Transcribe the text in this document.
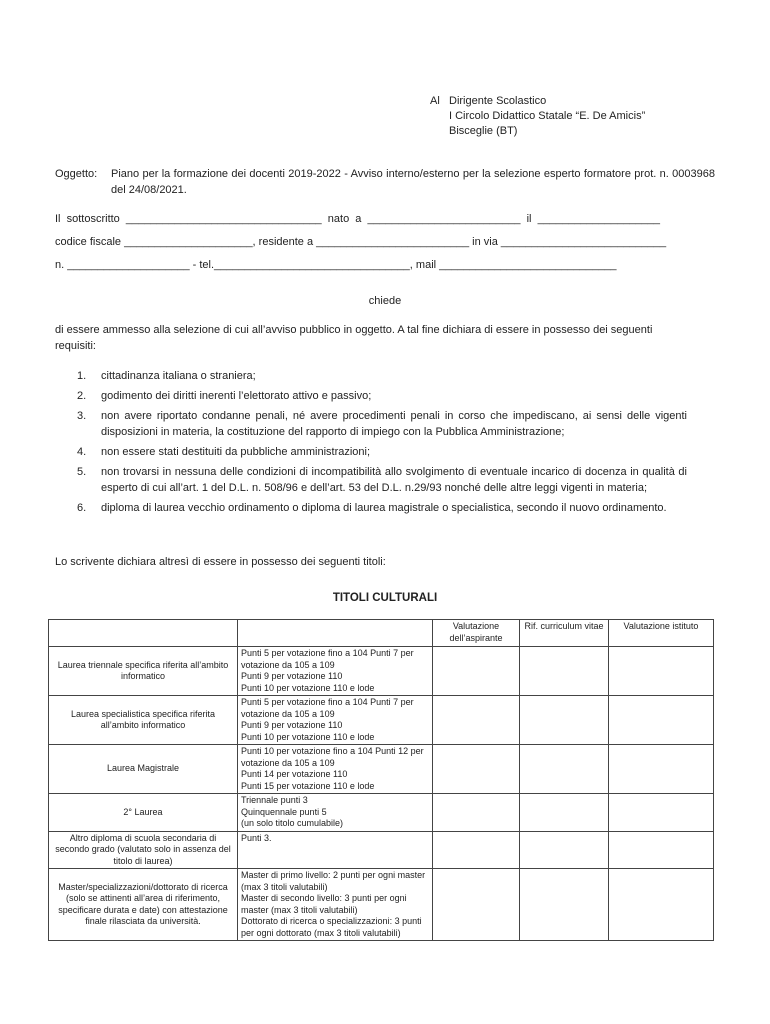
Al Dirigente Scolastico
I Circolo Didattico Statale “E. De Amicis”
Bisceglie (BT)
Oggetto: Piano per la formazione dei docenti 2019-2022 - Avviso interno/esterno per la selezione esperto formatore prot. n. 0003968 del 24/08/2021.
Il  sottoscritto  ________________________________  nato  a  _________________________  il  ____________________
codice fiscale _____________________, residente a _________________________ in via ___________________________
n. ____________________ - tel.________________________________, mail _____________________________
chiede
di essere ammesso alla selezione di cui all’avviso pubblico in oggetto. A tal fine dichiara di essere in possesso dei seguenti requisiti:
1. cittadinanza italiana o straniera;
2. godimento dei diritti inerenti l’elettorato attivo e passivo;
3. non avere riportato condanne penali, né avere procedimenti penali in corso che impediscano, ai sensi delle vigenti disposizioni in materia, la costituzione del rapporto di impiego con la Pubblica Amministrazione;
4. non essere stati destituiti da pubbliche amministrazioni;
5. non trovarsi in nessuna delle condizioni di incompatibilità allo svolgimento di eventuale incarico di docenza in qualità di esperto di cui all’art. 1 del D.L. n. 508/96 e dell’art. 53 del D.L. n.29/93 nonché delle altre leggi vigenti in materia;
6. diploma di laurea vecchio ordinamento o diploma di laurea magistrale o specialistica, secondo il nuovo ordinamento.
Lo scrivente dichiara altresì di essere in possesso dei seguenti titoli:
TITOLI CULTURALI
		Valutazione dell’aspirante	Rif. curriculum vitae	Valutazione istituto
Laurea triennale specifica riferita all’ambito informatico	Punti 5 per votazione fino a 104 Punti 7 per votazione da 105 a 109
Punti 9 per votazione 110
Punti 10 per votazione 110 e lode			

Laurea specialistica specifica riferita all’ambito informatico	Punti 5 per votazione fino a 104 Punti 7 per votazione da 105 a 109
Punti 9 per votazione 110
Punti 10 per votazione 110 e lode			

Laurea Magistrale	Punti 10 per votazione fino a 104 Punti 12 per votazione da 105 a 109
Punti 14 per votazione 110
Punti 15 per votazione 110 e lode			

2° Laurea	Triennale punti 3
Quinquennale punti 5
(un solo titolo cumulabile)			

Altro diploma di scuola secondaria di secondo grado (valutato solo in assenza del titolo di laurea)	Punti 3.			

Master/specializzazioni/dottorato di ricerca (solo se attinenti all’area di riferimento, specificare durata e date) con attestazione finale rilasciata da università.	Master di primo livello: 2 punti per ogni master (max 3 titoli valutabili)
Master di secondo livello: 3 punti per ogni master (max 3 titoli valutabili)
Dottorato di ricerca o specializzazioni: 3 punti per ogni dottorato (max 3 titoli valutabili)			
